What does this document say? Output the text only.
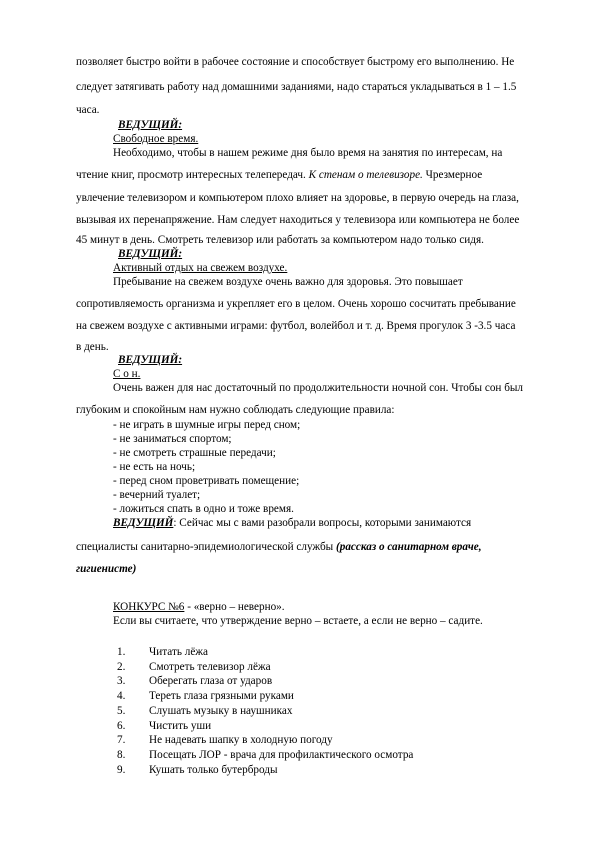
позволяет быстро войти в рабочее состояние и способствует быстрому его выполнению. Не
следует затягивать работу над домашними заданиями, надо стараться укладываться в 1 – 1.5
часа.
ВЕДУЩИЙ:
Свободное время.
Необходимо, чтобы в нашем режиме дня было время на занятия по интересам, на
чтение книг, просмотр интересных телепередач. К стенам о телевизоре. Чрезмерное
увлечение телевизором и компьютером плохо влияет на здоровье, в первую очередь на глаза,
вызывая их перенапряжение. Нам следует находиться у телевизора или компьютера не более
45 минут в день. Смотреть телевизор или работать за компьютером надо только сидя.
ВЕДУЩИЙ:
Активный отдых на свежем воздухе.
Пребывание на свежем воздухе очень важно для здоровья. Это повышает
сопротивляемость организма и укрепляет его в целом. Очень хорошо сосчитать пребывание
на свежем воздухе с активными играми: футбол, волейбол и т. д. Время прогулок 3 -3.5 часа
в день.
ВЕДУЩИЙ:
С о н.
Очень важен для нас достаточный по продолжительности ночной сон. Чтобы сон был
глубоким и спокойным нам нужно соблюдать следующие правила:
- не играть в шумные игры перед сном;
- не заниматься спортом;
- не смотреть страшные передачи;
- не есть на ночь;
- перед сном проветривать помещение;
- вечерний туалет;
- ложиться спать в одно и тоже время.
ВЕДУЩИЙ: Сейчас мы с вами разобрали вопросы, которыми занимаются
специалисты санитарно-эпидемиологической службы (рассказ о санитарном враче,
гигиенисте)
КОНКУРС №6 - «верно – неверно».
Если вы считаете, что утверждение верно – встаете, а если не верно – садите.
1. Читать лёжа
2. Смотреть телевизор лёжа
3. Оберегать глаза от ударов
4. Тереть глаза грязными руками
5. Слушать музыку в наушниках
6. Чистить уши
7. Не надевать шапку в холодную погоду
8. Посещать ЛОР - врача для профилактического осмотра
9. Кушать только бутерброды
